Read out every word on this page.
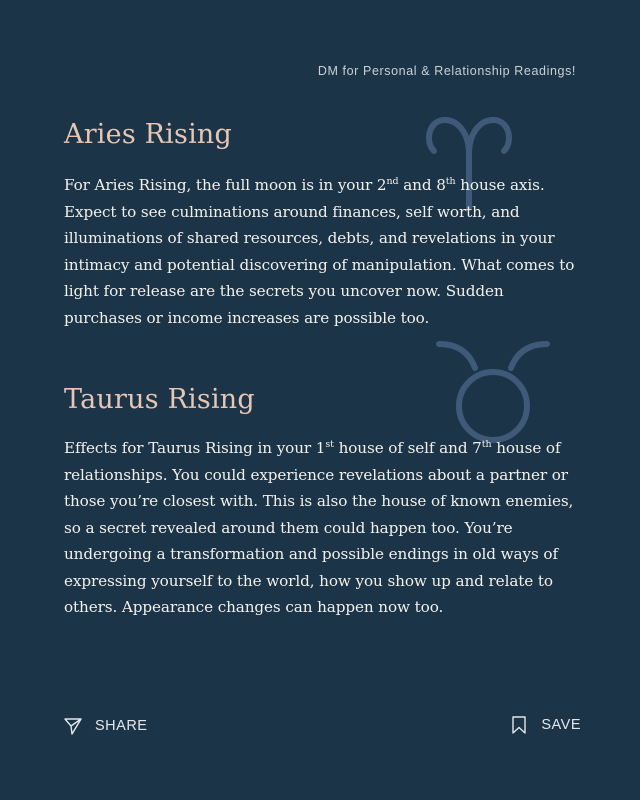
DM for Personal & Relationship Readings!
Aries Rising

For Aries Rising, the full moon is in your 2nd and 8th house axis. Expect to see culminations around finances, self worth, and illuminations of shared resources, debts, and revelations in your intimacy and potential discovering of manipulation. What comes to light for release are the secrets you uncover now. Sudden purchases or income increases are possible too.

Taurus Rising

Effects for Taurus Rising in your 1st house of self and 7th house of relationships. You could experience revelations about a partner or those you’re closest with. This is also the house of known enemies, so a secret revealed around them could happen too. You’re undergoing a transformation and possible endings in old ways of expressing yourself to the world, how you show up and relate to others. Appearance changes can happen now too.

SHARE	SAVE
